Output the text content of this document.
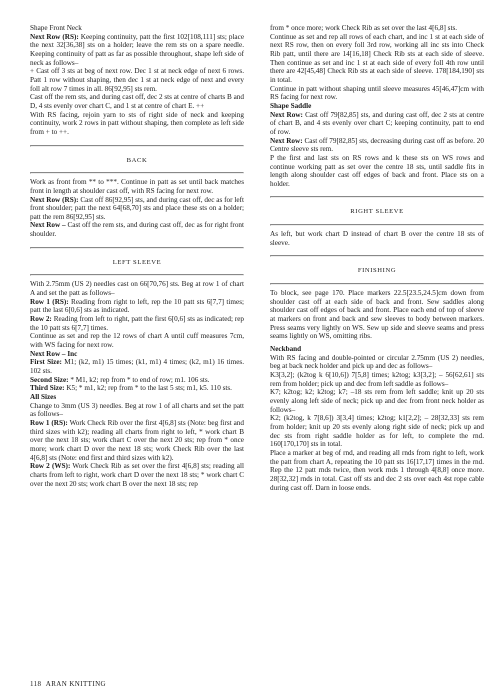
Shape Front Neck

Next Row (RS): Keeping continuity, patt the first 102[108,111] sts; place the next 32[36,38] sts on a holder; leave the rem sts on a spare needle. Keeping continuity of patt as far as possible throughout, shape left side of neck as follows–

+ Cast off 3 sts at beg of next row. Dec 1 st at neck edge of next 6 rows. Patt 1 row without shaping, then dec 1 st at neck edge of next and every foll alt row 7 times in all. 86[92,95] sts rem.

Cast off the rem sts, and during cast off, dec 2 sts at centre of charts B and D, 4 sts evenly over chart C, and 1 st at centre of chart E. ++

With RS facing, rejoin yarn to sts of right side of neck and keeping continuity, work 2 rows in patt without shaping, then complete as left side from + to ++.

BACK

Work as front from ** to ***. Continue in patt as set until back matches front in length at shoulder cast off, with RS facing for next row.

Next Row (RS): Cast off 86[92,95] sts, and during cast off, dec as for left front shoulder; patt the next 64[68,70] sts and place these sts on a holder; patt the rem 86[92,95] sts.

Next Row – Cast off the rem sts, and during cast off, dec as for right front shoulder.

LEFT SLEEVE

With 2.75mm (US 2) needles cast on 66[70,76] sts. Beg at row 1 of chart A and set the patt as follows–

Row 1 (RS): Reading from right to left, rep the 10 patt sts 6[7,7] times; patt the last 6[0,6] sts as indicated.

Row 2: Reading from left to right, patt the first 6[0,6] sts as indicated; rep the 10 patt sts 6[7,7] times.

Continue as set and rep the 12 rows of chart A until cuff measures 7cm, with WS facing for next row.

Next Row – Inc

First Size: M1; (k2, m1) 15 times; (k1, m1) 4 times; (k2, m1) 16 times. 102 sts.

Second Size: * M1, k2; rep from * to end of row; m1. 106 sts.

Third Size: K5; * m1, k2; rep from * to the last 5 sts; m1, k5. 110 sts.

All Sizes

Change to 3mm (US 3) needles. Beg at row 1 of all charts and set the patt as follows–

Row 1 (RS): Work Check Rib over the first 4[6,8] sts (Note: beg first and third sizes with k2); reading all charts from right to left, * work chart B over the next 18 sts; work chart C over the next 20 sts; rep from * once more; work chart D over the next 18 sts; work Check Rib over the last 4[6,8] sts (Note: end first and third sizes with k2).

Row 2 (WS): Work Check Rib as set over the first 4[6,8] sts; reading all charts from left to right, work chart D over the next 18 sts; * work chart C over the next 20 sts; work chart B over the next 18 sts; rep

from * once more; work Check Rib as set over the last 4[6,8] sts.

Continue as set and rep all rows of each chart, and inc 1 st at each side of next RS row, then on every foll 3rd row, working all inc sts into Check Rib patt, until there are 14[16,18] Check Rib sts at each side of sleeve. Then continue as set and inc 1 st at each side of every foll 4th row until there are 42[45,48] Check Rib sts at each side of sleeve. 178[184,190] sts in total.

Continue in patt without shaping until sleeve measures 45[46,47]cm with RS facing for next row.

Shape Saddle

Next Row: Cast off 79[82,85] sts, and during cast off, dec 2 sts at centre of chart B, and 4 sts evenly over chart C; keeping continuity, patt to end of row.

Next Row: Cast off 79[82,85] sts, decreasing during cast off as before. 20 Centre sleeve sts rem.

P the first and last sts on RS rows and k these sts on WS rows and continue working patt as set over the centre 18 sts, until saddle fits in length along shoulder cast off edges of back and front. Place sts on a holder.

RIGHT SLEEVE

As left, but work chart D instead of chart B over the centre 18 sts of sleeve.

FINISHING

To block, see page 170. Place markers 22.5[23.5,24.5]cm down from shoulder cast off at each side of back and front. Sew saddles along shoulder cast off edges of back and front. Place each end of top of sleeve at markers on front and back and sew sleeves to body between markers. Press seams very lightly on WS. Sew up side and sleeve seams and press seams lightly on WS, omitting ribs.

Neckband

With RS facing and double-pointed or circular 2.75mm (US 2) needles, beg at back neck holder and pick up and dec as follows–

K3[3,2]; (k2tog k 6[10,6]) 7[5,8] times; k2tog; k3[3,2]; – 56[62,61] sts rem from holder; pick up and dec from left saddle as follows–

K7; k2tog; k2; k2tog; k7; –18 sts rem from left saddle; knit up 20 sts evenly along left side of neck; pick up and dec from front neck holder as follows–

K2; (k2tog, k 7[8,6]) 3[3,4] times; k2tog; k1[2,2]; – 28[32,33] sts rem from holder; knit up 20 sts evenly along right side of neck; pick up and dec sts from right saddle holder as for left, to complete the rnd. 160[170,170] sts in total.

Place a marker at beg of rnd, and reading all rnds from right to left, work the patt from chart A, repeating the 10 patt sts 16[17,17] times in the rnd. Rep the 12 patt rnds twice, then work rnds 1 through 4[8,8] once more. 28[32,32] rnds in total. Cast off sts and dec 2 sts over each 4st rope cable during cast off. Darn in loose ends.

118 ARAN KNITTING
